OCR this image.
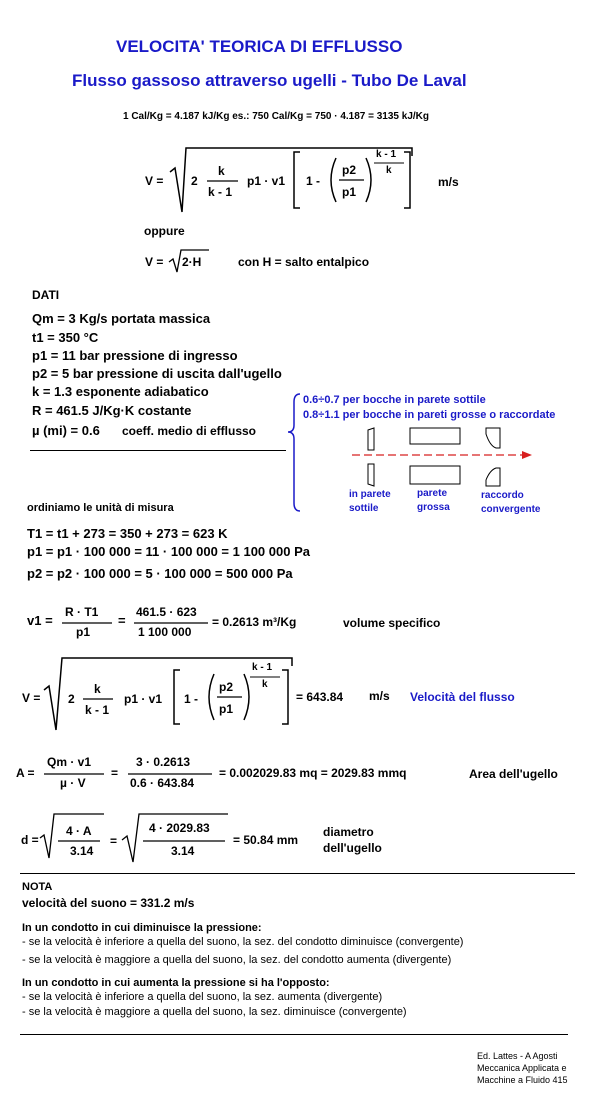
VELOCITA' TEORICA DI EFFLUSSO
Flusso gassoso attraverso ugelli - Tubo De Laval
1 Cal/Kg = 4.187 kJ/Kg es.: 750 Cal/Kg = 750 · 4.187 = 3135 kJ/Kg
V = 2
k
k - 1
p1 · v1 1 -
p2
p1
k - 1
k
m/s
oppure
V = 2·H	con H = salto entalpico
DATI
Qm = 3 Kg/s portata massica
t1 = 350 °C
p1 = 11 bar pressione di ingresso
p2 = 5 bar pressione di uscita dall'ugello
k = 1.3 esponente adiabatico
R = 461.5 J/Kg·K costante
µ (mi) = 0.6 coeff. medio di efflusso
0.6÷0.7 per bocche in parete sottile
0.8÷1.1 per bocche in pareti grosse o raccordate
in parete
sottile
parete
grossa
raccordo
convergente
ordiniamo le unità di misura
T1 = t1 + 273 = 350 + 273 = 623 K
p1 = p1 · 100 000 = 11 · 100 000 = 1 100 000 Pa
p2 = p2 · 100 000 = 5 · 100 000 = 500 000 Pa
v1 =
R · T1
p1
=
461.5 · 623
1 100 000
= 0.2613 m³/Kg	volume specifico
V = 2
k
k - 1
p1 · v1 1 -
p2
p1
k - 1
k
= 643.84 m/s Velocità del flusso
A =
Qm · v1
µ · V
=
3 · 0.2613
0.6 · 643.84
= 0.002029.83 mq = 2029.83 mmq	Area dell'ugello
d =
4 · A
3.14
=
4 · 2029.83
3.14
= 50.84 mm
diametro
dell'ugello
NOTA
velocità del suono = 331.2 m/s
In un condotto in cui diminuisce la pressione:
- se la velocità è inferiore a quella del suono, la sez. del condotto diminuisce (convergente)
- se la velocità è maggiore a quella del suono, la sez. del condotto aumenta (divergente)
In un condotto in cui aumenta la pressione si ha l'opposto:
- se la velocità è inferiore a quella del suono, la sez. aumenta (divergente)
- se la velocità è maggiore a quella del suono, la sez. diminuisce (convergente)
Ed. Lattes - A Agosti
Meccanica Applicata e
Macchine a Fluido 415
